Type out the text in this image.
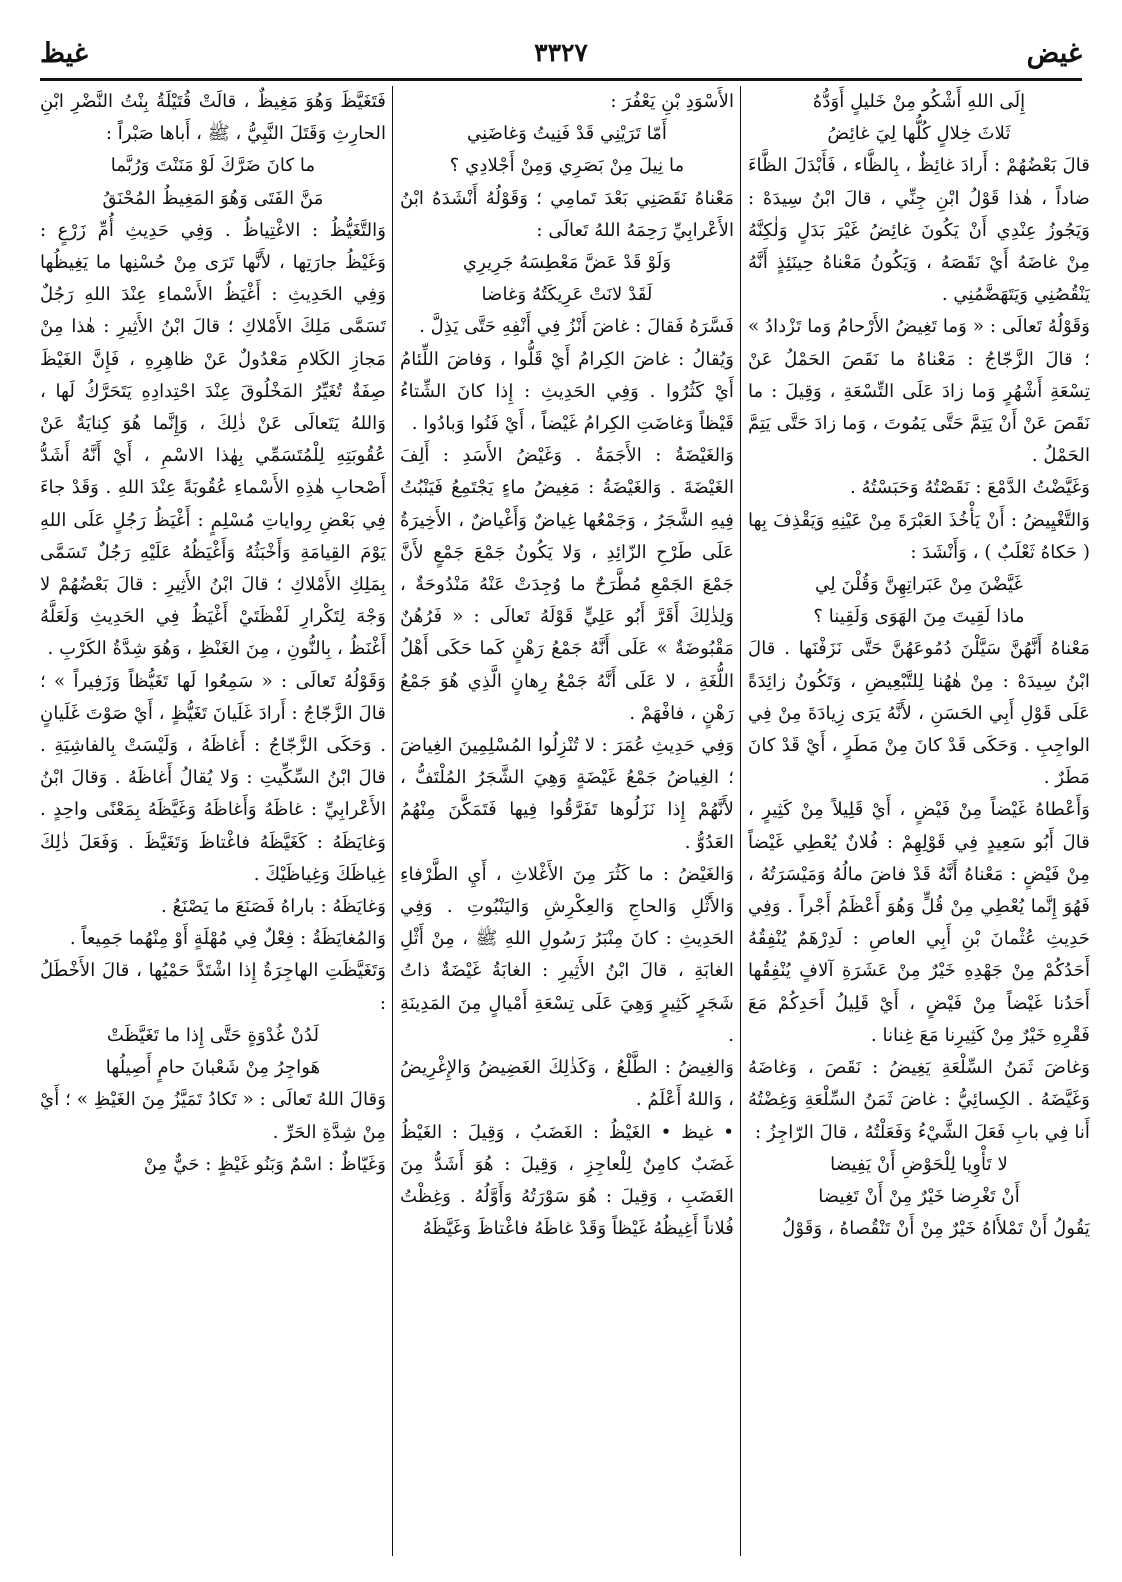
غيض
٣٣٢٧
غيظ

إِلَى اللهِ أَشْكُو مِنْ خَليلٍ أَوَدُّهُ

ثَلاثَ خِلالٍ كُلُّها لِيَ غائِضُ

قالَ بَعْضُهُمْ : أَرادَ غائِظٌ ، بِالظَّاء ، فَأَبْدَلَ الظَّاءَ ضاداً ، هٰذا قَوْلُ ابْنِ جِنِّي ، قالَ ابْنُ سِيدَهْ : وَيَجُوزُ عِنْدِي أَنْ يَكُونَ غائِضُ غَيْرَ بَدَلٍ وَلٰكِنَّهُ مِنْ غاضَهُ أَيْ نَقَصَهُ ، وَيَكُونُ مَعْناهُ حِينَئِذٍ أَنَّهُ يَنْقُصُنِي وَيَتَهَضَّمُنِي .

وَقَوْلُهُ تَعالَى : « وَما تَغِيضُ الأَرْحامُ وَما تَزْدادُ » ؛ قالَ الزَّجّاجُ : مَعْناهُ ما نَقَصَ الحَمْلُ عَنْ تِسْعَةِ أَشْهُرٍ وَما زادَ عَلَى التِّسْعَةِ ، وَقِيلَ : ما نَقَصَ عَنْ أَنْ يَتِمَّ حَتَّى يَمُوتَ ، وَما زادَ حَتَّى يَتِمَّ الحَمْلُ .

وَغَيَّضْتُ الدَّمْعَ : نَقَصْتُهُ وَحَبَسْتُهُ .

وَالتَّغْيِيضُ : أَنْ يَأْخُذَ العَبْرَةَ مِنْ عَيْنِهِ وَيَقْذِفَ بِها ( حَكاهُ ثَعْلَبٌ ) ، وَأَنْشَدَ :

غَيَّضْنَ مِنْ عَبَراتِهِنَّ وَقُلْنَ لِي

ماذا لَقِيتَ مِنَ الهَوَى وَلَقِينا ؟

مَعْناهُ أَنَّهُنَّ سَيَّلْنَ دُمُوعَهُنَّ حَتَّى نَزَفْنَها . قالَ ابْنُ سِيدَهْ : مِنْ هٰهُنا لِلتَّبْعِيضِ ، وَتَكُونُ زائِدَةً عَلَى قَوْلِ أَبِي الحَسَنِ ، لأَنَّهُ يَرَى زِيادَةَ مِنْ فِي الواجِبِ . وَحَكَى قَدْ كانَ مِنْ مَطَرٍ ، أَيْ قَدْ كانَ مَطَرٌ .

وَأَعْطاهُ غَيْضاً مِنْ فَيْضٍ ، أَيْ قَلِيلاً مِنْ كَثِيرٍ ، قالَ أَبُو سَعِيدٍ فِي قَوْلِهِمْ : فُلانٌ يُعْطِي غَيْضاً مِنْ فَيْضٍ : مَعْناهُ أَنَّهُ قَدْ فاضَ مالُهُ وَمَيْسَرَتُهُ ، فَهُوَ إِنَّما يُعْطِي مِنْ قُلٍّ وَهُوَ أَعْظَمُ أَجْراً . وَفِي حَدِيثِ عُثْمانَ بْنِ أَبِي العاصِ : لَدِرْهَمٌ يُنْفِقُهُ أَحَدُكُمْ مِنْ جَهْدِهِ خَيْرٌ مِنْ عَشَرَةِ آلافٍ يُنْفِقُها أَحَدُنا غَيْضاً مِنْ فَيْضٍ ، أَيْ قَلِيلُ أَحَدِكُمْ مَعَ فَقْرِهِ خَيْرٌ مِنْ كَثِيرِنا مَعَ غِنانا .

وَغاضَ ثَمَنُ السِّلْعَةِ يَغِيضُ : نَقَصَ ، وَغاضَهُ وَغَيَّضَهُ . الكِسائِيُّ : غاضَ ثَمَنُ السِّلْعَةِ وَغِضْتُهُ أَنا فِي بابِ فَعَلَ الشَّيْءُ وَفَعَلْتُهُ ، قالَ الرّاجِزُ :

لا تَأْوِيا لِلْحَوْضِ أَنْ يَفِيضا

أَنْ تَغْرِضا خَيْرٌ مِنْ أَنْ تَغِيضا

يَقُولُ أَنْ تَمْلأَاهُ خَيْرٌ مِنْ أَنْ تَنْقُصاهُ ، وَقَوْلُ

الأَسْوَدِ بْنِ يَعْفُرَ :

أَمّا تَرَيْنِي قَدْ فَنِيتُ وَغاضَنِي

ما نِيلَ مِنْ بَصَرِي وَمِنْ أَجْلادِي ؟

مَعْناهُ نَقَصَنِي بَعْدَ تَمامِي ؛ وَقَوْلُهُ أَنْشَدَهُ ابْنُ الأَعْرابِيِّ رَحِمَهُ اللهُ تَعالَى :

وَلَوْ قَدْ عَضَّ مَعْطِسَهُ جَرِيرِي

لَقَدْ لانَتْ عَرِيكَتُهُ وَغاضا

فَسَّرَهُ فَقالَ : غاضَ أَنْزُ فِي أَنْفِهِ حَتَّى يَذِلَّ .

وَيُقالُ : غاضَ الكِرامُ أَيْ قَلُّوا ، وَفاضَ اللِّئامُ أَيْ كَثُرُوا . وَفِي الحَدِيثِ : إِذا كانَ الشِّتاءُ قَيْظاً وَغاضَتِ الكِرامُ غَيْضاً ، أَيْ فَنُوا وَبادُوا .

وَالغَيْضَةُ : الأَجَمَةُ . وَغَيْضُ الأَسَدِ : أَلِفَ الغَيْضَةَ . وَالغَيْضَةُ : مَغِيضُ ماءٍ يَجْتَمِعُ فَيَنْبُتُ فِيهِ الشَّجَرُ ، وَجَمْعُها غِياضٌ وَأَغْياضٌ ، الأَخِيرَةُ عَلَى طَرْحِ الزّائِدِ ، وَلا يَكُونُ جَمْعَ جَمْعٍ لأَنَّ جَمْعَ الجَمْعِ مُطَّرَحٌ ما وُجِدَتْ عَنْهُ مَنْدُوحَةٌ ، وَلِذٰلِكَ أَقَرَّ أَبُو عَلِيٍّ قَوْلَهُ تَعالَى : « فَرُهُنٌ مَقْبُوضَةٌ » عَلَى أَنَّهُ جَمْعُ رَهْنٍ كَما حَكَى أَهْلُ اللُّغَةِ ، لا عَلَى أَنَّهُ جَمْعُ رِهانٍ الَّذِي هُوَ جَمْعُ رَهْنٍ ، فافْهَمْ .

وَفِي حَدِيثِ عُمَرَ : لا تُنْزِلُوا المُسْلِمِينَ الغِياضَ ؛ الغِياضُ جَمْعُ غَيْضَةٍ وَهِيَ الشَّجَرُ المُلْتَفُّ ، لأَنَّهُمْ إِذا نَزَلُوها تَفَرَّقُوا فِيها فَتَمَكَّنَ مِنْهُمُ العَدُوُّ .

وَالغَيْضُ : ما كَثُرَ مِنَ الأَغْلاثِ ، أَيِ الطَّرْفاءِ وَالأَثْلِ وَالحاجِ وَالعِكْرِشِ وَاليَنْبُوتِ . وَفِي الحَدِيثِ : كانَ مِنْبَرُ رَسُولِ اللهِ ﷺ ، مِنْ أَثْلِ الغابَةِ ، قالَ ابْنُ الأَثِيرِ : الغابَةُ غَيْضَةٌ ذاتُ شَجَرٍ كَثِيرٍ وَهِيَ عَلَى تِسْعَةِ أَمْيالٍ مِنَ المَدِينَةِ .

وَالغِيضُ : الطَّلْعُ ، وَكَذٰلِكَ الغَضِيضُ وَالإِغْرِيضُ ، وَاللهُ أَعْلَمُ .

• غيظ • الغَيْظُ : الغَضَبُ ، وَقِيلَ : الغَيْظُ غَضَبٌ كامِنٌ لِلْعاجِزِ ، وَقِيلَ : هُوَ أَشَدُّ مِنَ الغَضَبِ ، وَقِيلَ : هُوَ سَوْرَتُهُ وَأَوَّلُهُ . وَغِظْتُ فُلاناً أَغِيظُهُ غَيْظاً وَقَدْ غاظَهُ فاغْتاظَ وَغَيَّظَهُ

فَتَغَيَّظَ وَهُوَ مَغِيظٌ ، قالَتْ قُتَيْلَةُ بِنْتُ النَّضْرِ ابْنِ الحارِثِ وَقَتَلَ النَّبِيُّ ، ﷺ ، أَباها صَبْراً :

ما كانَ ضَرَّكَ لَوْ مَنَنْتَ وَرُبَّما

مَنَّ الفَتَى وَهُوَ المَغِيظُ المُحْنَقُ

وَالتَّغَيُّظُ : الاغْتِياظُ . وَفِي حَدِيثِ أُمِّ زَرْعٍ : وَغَيْظُ جارَتِها ، لأَنَّها تَرَى مِنْ حُسْنِها ما يَغِيظُها وَفِي الحَدِيثِ : أَغْيَظُ الأَسْماءِ عِنْدَ اللهِ رَجُلٌ تَسَمَّى مَلِكَ الأَمْلاكِ ؛ قالَ ابْنُ الأَثِيرِ : هٰذا مِنْ مَجازِ الكَلامِ مَعْدُولٌ عَنْ ظاهِرِهِ ، فَإِنَّ الغَيْظَ صِفَةٌ تُغَيِّرُ المَخْلُوقَ عِنْدَ احْتِدادِهِ يَتَحَرَّكُ لَها ، وَاللهُ يَتَعالَى عَنْ ذٰلِكَ ، وَإِنَّما هُوَ كِنايَةٌ عَنْ عُقُوبَتِهِ لِلْمُتَسَمِّي بِهٰذا الاسْمِ ، أَيْ أَنَّهُ أَشَدُّ أَصْحابِ هٰذِهِ الأَسْماءِ عُقُوبَةً عِنْدَ اللهِ . وَقَدْ جاءَ فِي بَعْضِ رِواياتِ مُسْلِمٍ : أَغْيَظُ رَجُلٍ عَلَى اللهِ يَوْمَ القِيامَةِ وَأَخْبَثُهُ وَأَغْيَظُهُ عَلَيْهِ رَجُلٌ تَسَمَّى بِمَلِكِ الأَمْلاكِ ؛ قالَ ابْنُ الأَثِيرِ : قالَ بَعْضُهُمْ لا وَجْهَ لِتَكْرارِ لَفْظَتَيْ أَغْيَظُ فِي الحَدِيثِ وَلَعَلَّهُ أَغْنَظُ ، بِالنُّونِ ، مِنَ الغَنْظِ ، وَهُوَ شِدَّةُ الكَرْبِ .

وَقَوْلُهُ تَعالَى : « سَمِعُوا لَها تَغَيُّظاً وَزَفِيراً » ؛ قالَ الزَّجّاجُ : أَرادَ غَلَيانَ تَغَيُّظٍ ، أَيْ صَوْتَ غَلَيانٍ . وَحَكَى الزَّجّاجُ : أَغاظَهُ ، وَلَيْسَتْ بِالفاشِيَةِ . قالَ ابْنُ السِّكِّيتِ : وَلا يُقالُ أَغاظَهُ . وَقالَ ابْنُ الأَعْرابِيِّ : غاظَهُ وَأَغاظَهُ وَغَيَّظَهُ بِمَعْنًى واحِدٍ . وَغايَظَهُ : كَغَيَّظَهُ فاغْتاظَ وَتَغَيَّظَ . وَفَعَلَ ذٰلِكَ غِياظَكَ وَغِياظَيْكَ .

وَغايَظَهُ : باراهُ فَصَنَعَ ما يَصْنَعُ .

وَالمُغايَظَةُ : فِعْلٌ فِي مُهْلَةٍ أَوْ مِنْهُما جَمِيعاً .

وَتَغَيَّظَتِ الهاجِرَةُ إِذا اشْتَدَّ حَمْيُها ، قالَ الأَخْطَلُ :

لَدُنْ غُدْوَةٍ حَتَّى إِذا ما تَغَيَّظَتْ

هَواجِرُ مِنْ شَعْبانَ حامٍ أَصِيلُها

وَقالَ اللهُ تَعالَى : « تَكادُ تَمَيَّزُ مِنَ الغَيْظِ » ؛ أَيْ مِنْ شِدَّةِ الحَرِّ .

وَغَيّاظٌ : اسْمٌ وَبَنُو غَيْظٍ : حَيٌّ مِنْ
